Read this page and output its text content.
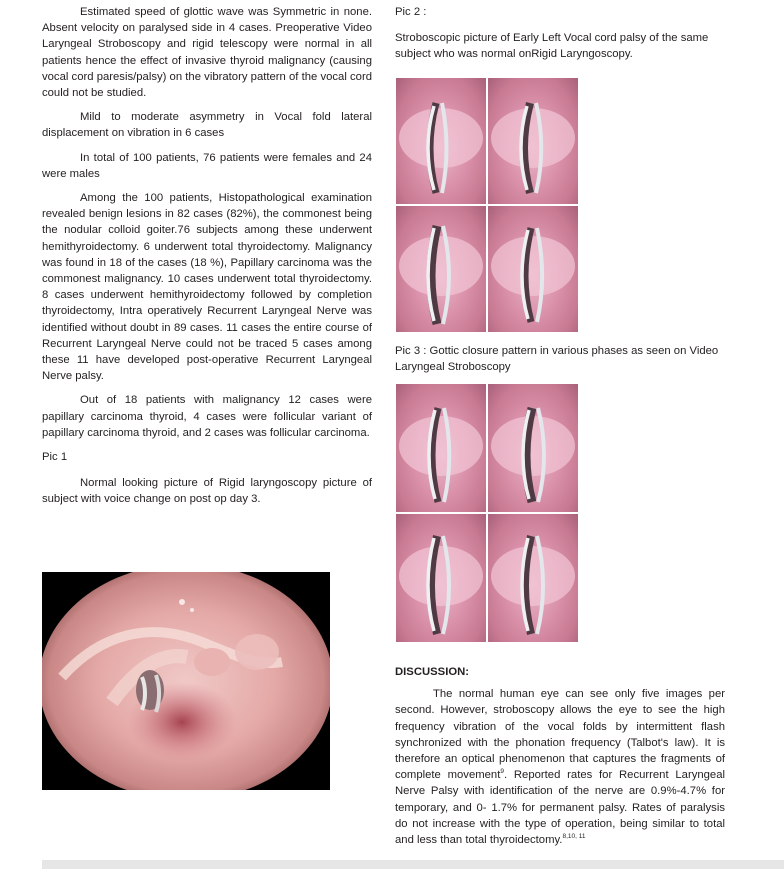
Estimated speed of glottic wave was Symmetric in none. Absent velocity on paralysed side in 4 cases. Preoperative Video Laryngeal Stroboscopy and rigid telescopy were normal in all patients hence the effect of invasive thyroid malignancy (causing vocal cord paresis/palsy) on the vibratory pattern of the vocal cord could not be studied.

Mild to moderate asymmetry in Vocal fold lateral displacement on vibration in 6 cases

In total of 100 patients, 76 patients were females and 24 were males

Among the 100 patients, Histopathological examination revealed benign lesions in 82 cases (82%), the commonest being the nodular colloid goiter.76 subjects among these underwent hemithyroidectomy. 6 underwent total thyroidectomy. Malignancy was found in 18 of the cases (18 %), Papillary carcinoma was the commonest malignancy. 10 cases underwent total thyroidectomy. 8 cases underwent hemithyroidectomy followed by completion thyroidectomy, Intra operatively Recurrent Laryngeal Nerve was identified without doubt in 89 cases. 11 cases the entire course of Recurrent Laryngeal Nerve could not be traced 5 cases among these 11 have developed post-operative Recurrent Laryngeal Nerve palsy.

Out of 18 patients with malignancy 12 cases were papillary carcinoma thyroid, 4 cases were follicular variant of papillary carcinoma thyroid, and 2 cases was follicular carcinoma.

Pic 1

Normal looking picture of Rigid laryngoscopy picture of subject with voice change on post op day 3.

Pic 2 :

Stroboscopic picture of Early Left Vocal cord palsy of the same subject who was normal onRigid Laryngoscopy.

Pic 3 : Gottic closure pattern in various phases as seen on Video Laryngeal Stroboscopy

DISCUSSION:

The normal human eye can see only five images per second. However, stroboscopy allows the eye to see the high frequency vibration of the vocal folds by intermittent flash synchronized with the phonation frequency (Talbot's law). It is therefore an optical phenomenon that captures the fragments of complete movement$^9$. Reported rates for Recurrent Laryngeal Nerve Palsy with identification of the nerve are 0.9%-4.7% for temporary, and 0- 1.7% for permanent palsy. Rates of paralysis do not increase with the type of operation, being similar to total and less than total thyroidectomy.$^{8,10, 11}$
